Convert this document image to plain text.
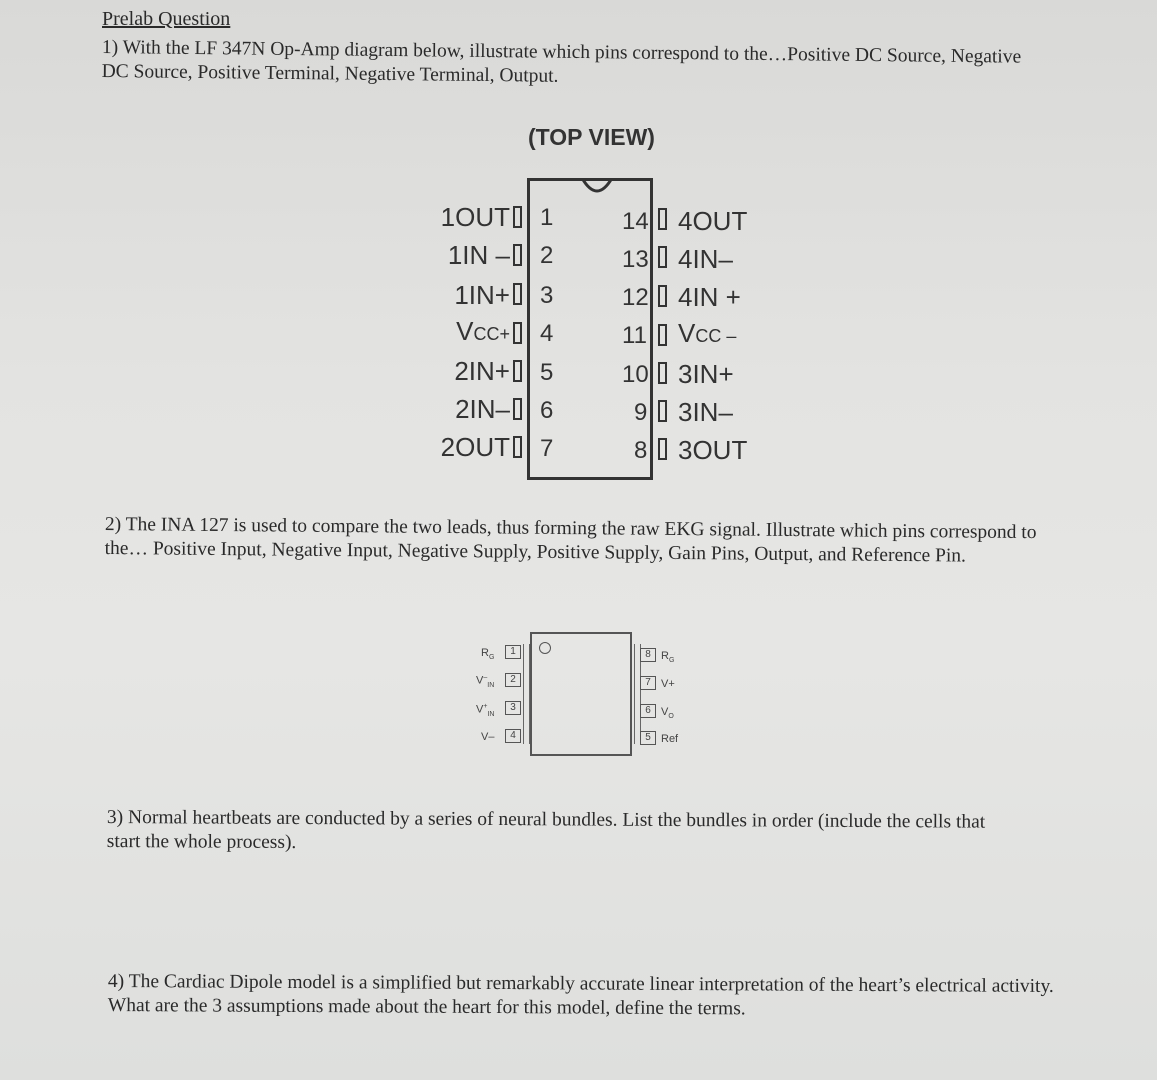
Prelab Question
1) With the LF 347N Op-Amp diagram below, illustrate which pins correspond to the…Positive DC Source, Negative DC Source, Positive Terminal, Negative Terminal, Output.
(TOP VIEW)
1OUT 1
1IN – 2
1IN+ 3
VCC+ 4
2IN+ 5
2IN– 6
2OUT 7
14 4OUT
13 4IN–
12 4IN +
11 VCC –
10 3IN+
9 3IN–
8 3OUT
2) The INA 127 is used to compare the two leads, thus forming the raw EKG signal. Illustrate which pins correspond to the… Positive Input, Negative Input, Negative Supply, Positive Supply, Gain Pins, Output, and Reference Pin.
$R_G$
1
$V^-_{IN}$
2
$V^+_{IN}$
3
V–	4
8 $R_G$
7 V+
6 $V_O$
5 Ref
3) Normal heartbeats are conducted by a series of neural bundles. List the bundles in order (include the cells that start the whole process).
4) The Cardiac Dipole model is a simplified but remarkably accurate linear interpretation of the heart’s electrical activity. What are the 3 assumptions made about the heart for this model, define the terms.
